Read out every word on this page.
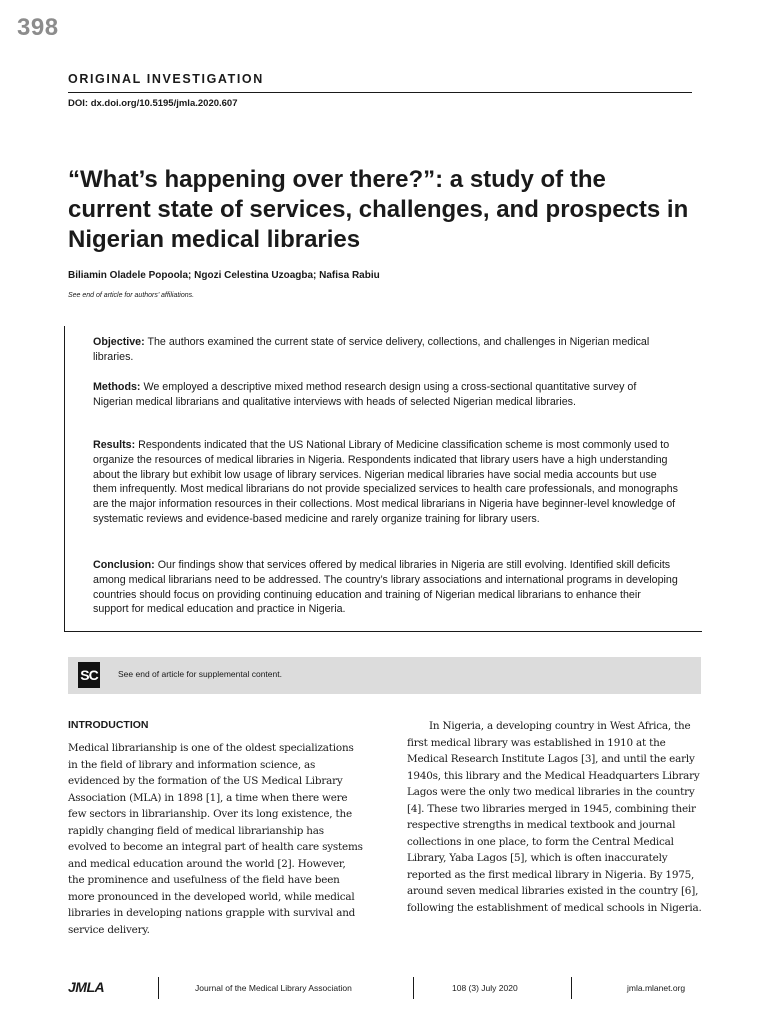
398
ORIGINAL INVESTIGATION
DOI: dx.doi.org/10.5195/jmla.2020.607
“What’s happening over there?”: a study of the
current state of services, challenges, and prospects in
Nigerian medical libraries
Biliamin Oladele Popoola; Ngozi Celestina Uzoagba; Nafisa Rabiu
See end of article for authors’ affiliations.
Objective: The authors examined the current state of service delivery, collections, and challenges in Nigerian medical libraries.
Methods: We employed a descriptive mixed method research design using a cross-sectional quantitative survey of Nigerian medical librarians and qualitative interviews with heads of selected Nigerian medical libraries.
Results: Respondents indicated that the US National Library of Medicine classification scheme is most commonly used to organize the resources of medical libraries in Nigeria. Respondents indicated that library users have a high understanding about the library but exhibit low usage of library services. Nigerian medical libraries have social media accounts but use them infrequently. Most medical librarians do not provide specialized services to health care professionals, and monographs are the major information resources in their collections. Most medical librarians in Nigeria have beginner-level knowledge of systematic reviews and evidence-based medicine and rarely organize training for library users.
Conclusion: Our findings show that services offered by medical libraries in Nigeria are still evolving. Identified skill deficits among medical librarians need to be addressed. The country’s library associations and international programs in developing countries should focus on providing continuing education and training of Nigerian medical librarians to enhance their support for medical education and practice in Nigeria.
SC See end of article for supplemental content.
INTRODUCTION
Medical librarianship is one of the oldest specializations in the field of library and information science, as evidenced by the formation of the US Medical Library Association (MLA) in 1898 [1], a time when there were few sectors in librarianship. Over its long existence, the rapidly changing field of medical librarianship has evolved to become an integral part of health care systems and medical education around the world [2]. However, the prominence and usefulness of the field have been more pronounced in the developed world, while medical libraries in developing nations grapple with survival and service delivery.
In Nigeria, a developing country in West Africa, the first medical library was established in 1910 at the Medical Research Institute Lagos [3], and until the early 1940s, this library and the Medical Headquarters Library Lagos were the only two medical libraries in the country [4]. These two libraries merged in 1945, combining their respective strengths in medical textbook and journal collections in one place, to form the Central Medical Library, Yaba Lagos [5], which is often inaccurately reported as the first medical library in Nigeria. By 1975, around seven medical libraries existed in the country [6], following the establishment of medical schools in Nigeria.
JMLA	Journal of the Medical Library Association	108 (3) July 2020	jmla.mlanet.org
